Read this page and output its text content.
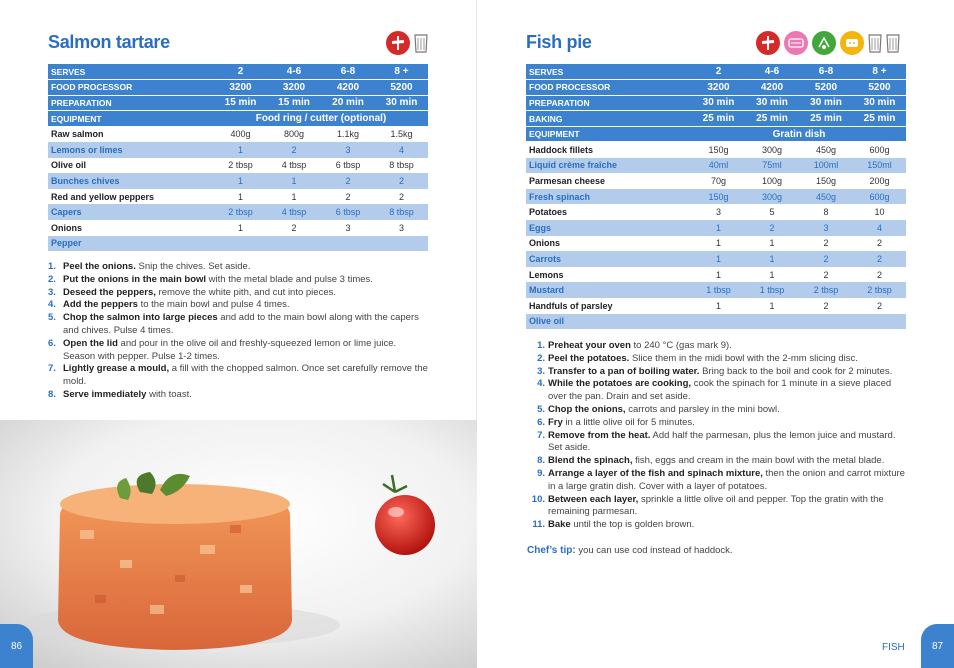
Salmon tartare
SERVES	2	4-6	6-8	8 +
FOOD PROCESSOR	3200	3200	4200	5200
PREPARATION	15 min	15 min	20 min	30 min
EQUIPMENT	Food ring / cutter (optional)			
Raw salmon	400g	800g	1.1kg	1.5kg
Lemons or limes	1	2	3	4
Olive oil	2 tbsp	4 tbsp	6 tbsp	8 tbsp
Bunches chives	1	1	2	2
Red and yellow peppers	1	1	2	2
Capers	2 tbsp	4 tbsp	6 tbsp	8 tbsp
Onions	1	2	3	3
Pepper				
1. Peel the onions. Snip the chives. Set aside.
2. Put the onions in the main bowl with the metal blade and pulse 3 times.
3. Deseed the peppers, remove the white pith, and cut into pieces.
4. Add the peppers to the main bowl and pulse 4 times.
5. Chop the salmon into large pieces and add to the main bowl along with the capers and chives. Pulse 4 times.
6. Open the lid and pour in the olive oil and freshly-squeezed lemon or lime juice. Season with pepper. Pulse 1-2 times.
7. Lightly grease a mould, a fill with the chopped salmon. Once set carefully remove the mold.
8. Serve immediately with toast.
86
Fish pie
SERVES	2	4-6	6-8	8 +
FOOD PROCESSOR	3200	4200	5200	5200
PREPARATION	30 min	30 min	30 min	30 min
BAKING	25 min	25 min	25 min	25 min
EQUIPMENT	Gratin dish			
Haddock fillets	150g	300g	450g	600g
Liquid crème fraîche	40ml	75ml	100ml	150ml
Parmesan cheese	70g	100g	150g	200g
Fresh spinach	150g	300g	450g	600g
Potatoes	3	5	8	10
Eggs	1	2	3	4
Onions	1	1	2	2
Carrots	1	1	2	2
Lemons	1	1	2	2
Mustard	1 tbsp	1 tbsp	2 tbsp	2 tbsp
Handfuls of parsley	1	1	2	2
Olive oil				
1. Preheat your oven to 240 °C (gas mark 9).
2. Peel the potatoes. Slice them in the midi bowl with the 2-mm slicing disc.
3. Transfer to a pan of boiling water. Bring back to the boil and cook for 2 minutes.
4. While the potatoes are cooking, cook the spinach for 1 minute in a sieve placed over the pan. Drain and set aside.
5. Chop the onions, carrots and parsley in the mini bowl.
6. Fry in a little olive oil for 5 minutes.
7. Remove from the heat. Add half the parmesan, plus the lemon juice and mustard. Set aside.
8. Blend the spinach, fish, eggs and cream in the main bowl with the metal blade.
9. Arrange a layer of the fish and spinach mixture, then the onion and carrot mixture in a large gratin dish. Cover with a layer of potatoes.
10. Between each layer, sprinkle a little olive oil and pepper. Top the gratin with the remaining parmesan.
11. Bake until the top is golden brown.
Chef’s tip: you can use cod instead of haddock.
FISH	87
